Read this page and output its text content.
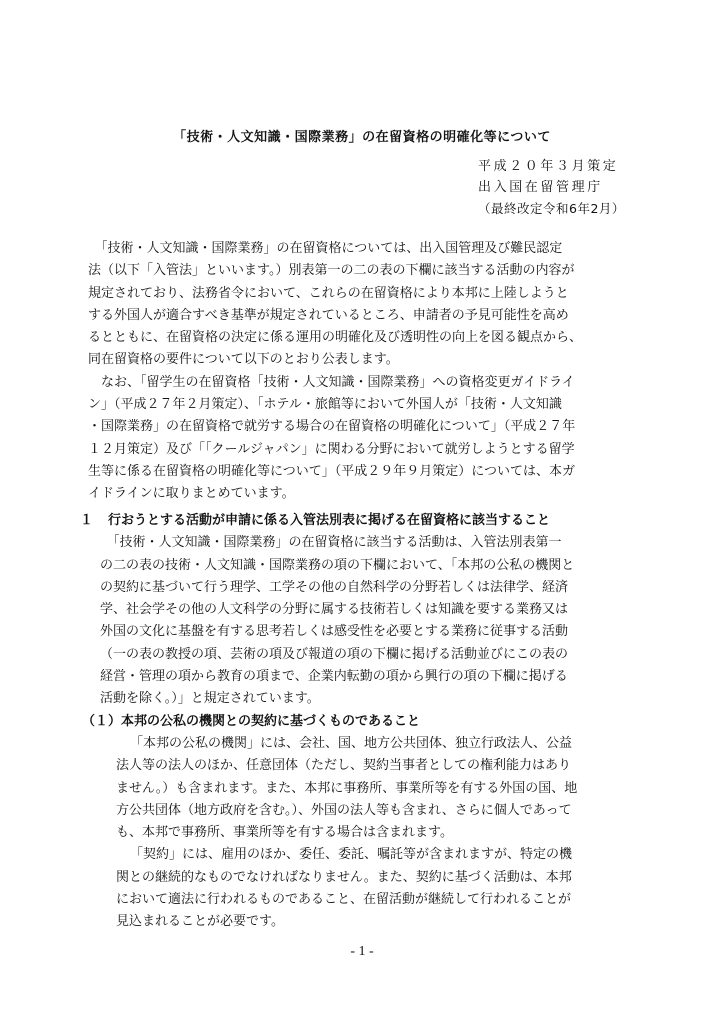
「技術・人文知識・国際業務」の在留資格の明確化等について
平成２０年３月策定
出入国在留管理庁
（最終改定令和6年2月）
　「技術・人文知識・国際業務」の在留資格については、出入国管理及び難民認定
法（以下「入管法」といいます。）別表第一の二の表の下欄に該当する活動の内容が
規定されており、法務省令において、これらの在留資格により本邦に上陸しようと
する外国人が適合すべき基準が規定されているところ、申請者の予見可能性を高め
るとともに、在留資格の決定に係る運用の明確化及び透明性の向上を図る観点から、
同在留資格の要件について以下のとおり公表します。
　なお、「留学生の在留資格「技術・人文知識・国際業務」への資格変更ガイドライ
ン」（平成２７年２月策定）、「ホテル・旅館等において外国人が「技術・人文知識
・国際業務」の在留資格で就労する場合の在留資格の明確化について」（平成２７年
１２月策定）及び「「クールジャパン」に関わる分野において就労しようとする留学
生等に係る在留資格の明確化等について」（平成２９年９月策定）については、本ガ
イドラインに取りまとめています。
１ 行おうとする活動が申請に係る入管法別表に掲げる在留資格に該当すること
　「技術・人文知識・国際業務」の在留資格に該当する活動は、入管法別表第一
の二の表の技術・人文知識・国際業務の項の下欄において、「本邦の公私の機関と
の契約に基づいて行う理学、工学その他の自然科学の分野若しくは法律学、経済
学、社会学その他の人文科学の分野に属する技術若しくは知識を要する業務又は
外国の文化に基盤を有する思考若しくは感受性を必要とする業務に従事する活動
（一の表の教授の項、芸術の項及び報道の項の下欄に掲げる活動並びにこの表の
経営・管理の項から教育の項まで、企業内転勤の項から興行の項の下欄に掲げる
活動を除く。）」と規定されています。
（１）本邦の公私の機関との契約に基づくものであること
「本邦の公私の機関」には、会社、国、地方公共団体、独立行政法人、公益
法人等の法人のほか、任意団体（ただし、契約当事者としての権利能力はあり
ません。）も含まれます。また、本邦に事務所、事業所等を有する外国の国、地
方公共団体（地方政府を含む。）、外国の法人等も含まれ、さらに個人であって
も、本邦で事務所、事業所等を有する場合は含まれます。
「契約」には、雇用のほか、委任、委託、嘱託等が含まれますが、特定の機
関との継続的なものでなければなりません。また、契約に基づく活動は、本邦
において適法に行われるものであること、在留活動が継続して行われることが
見込まれることが必要です。
- 1 -
